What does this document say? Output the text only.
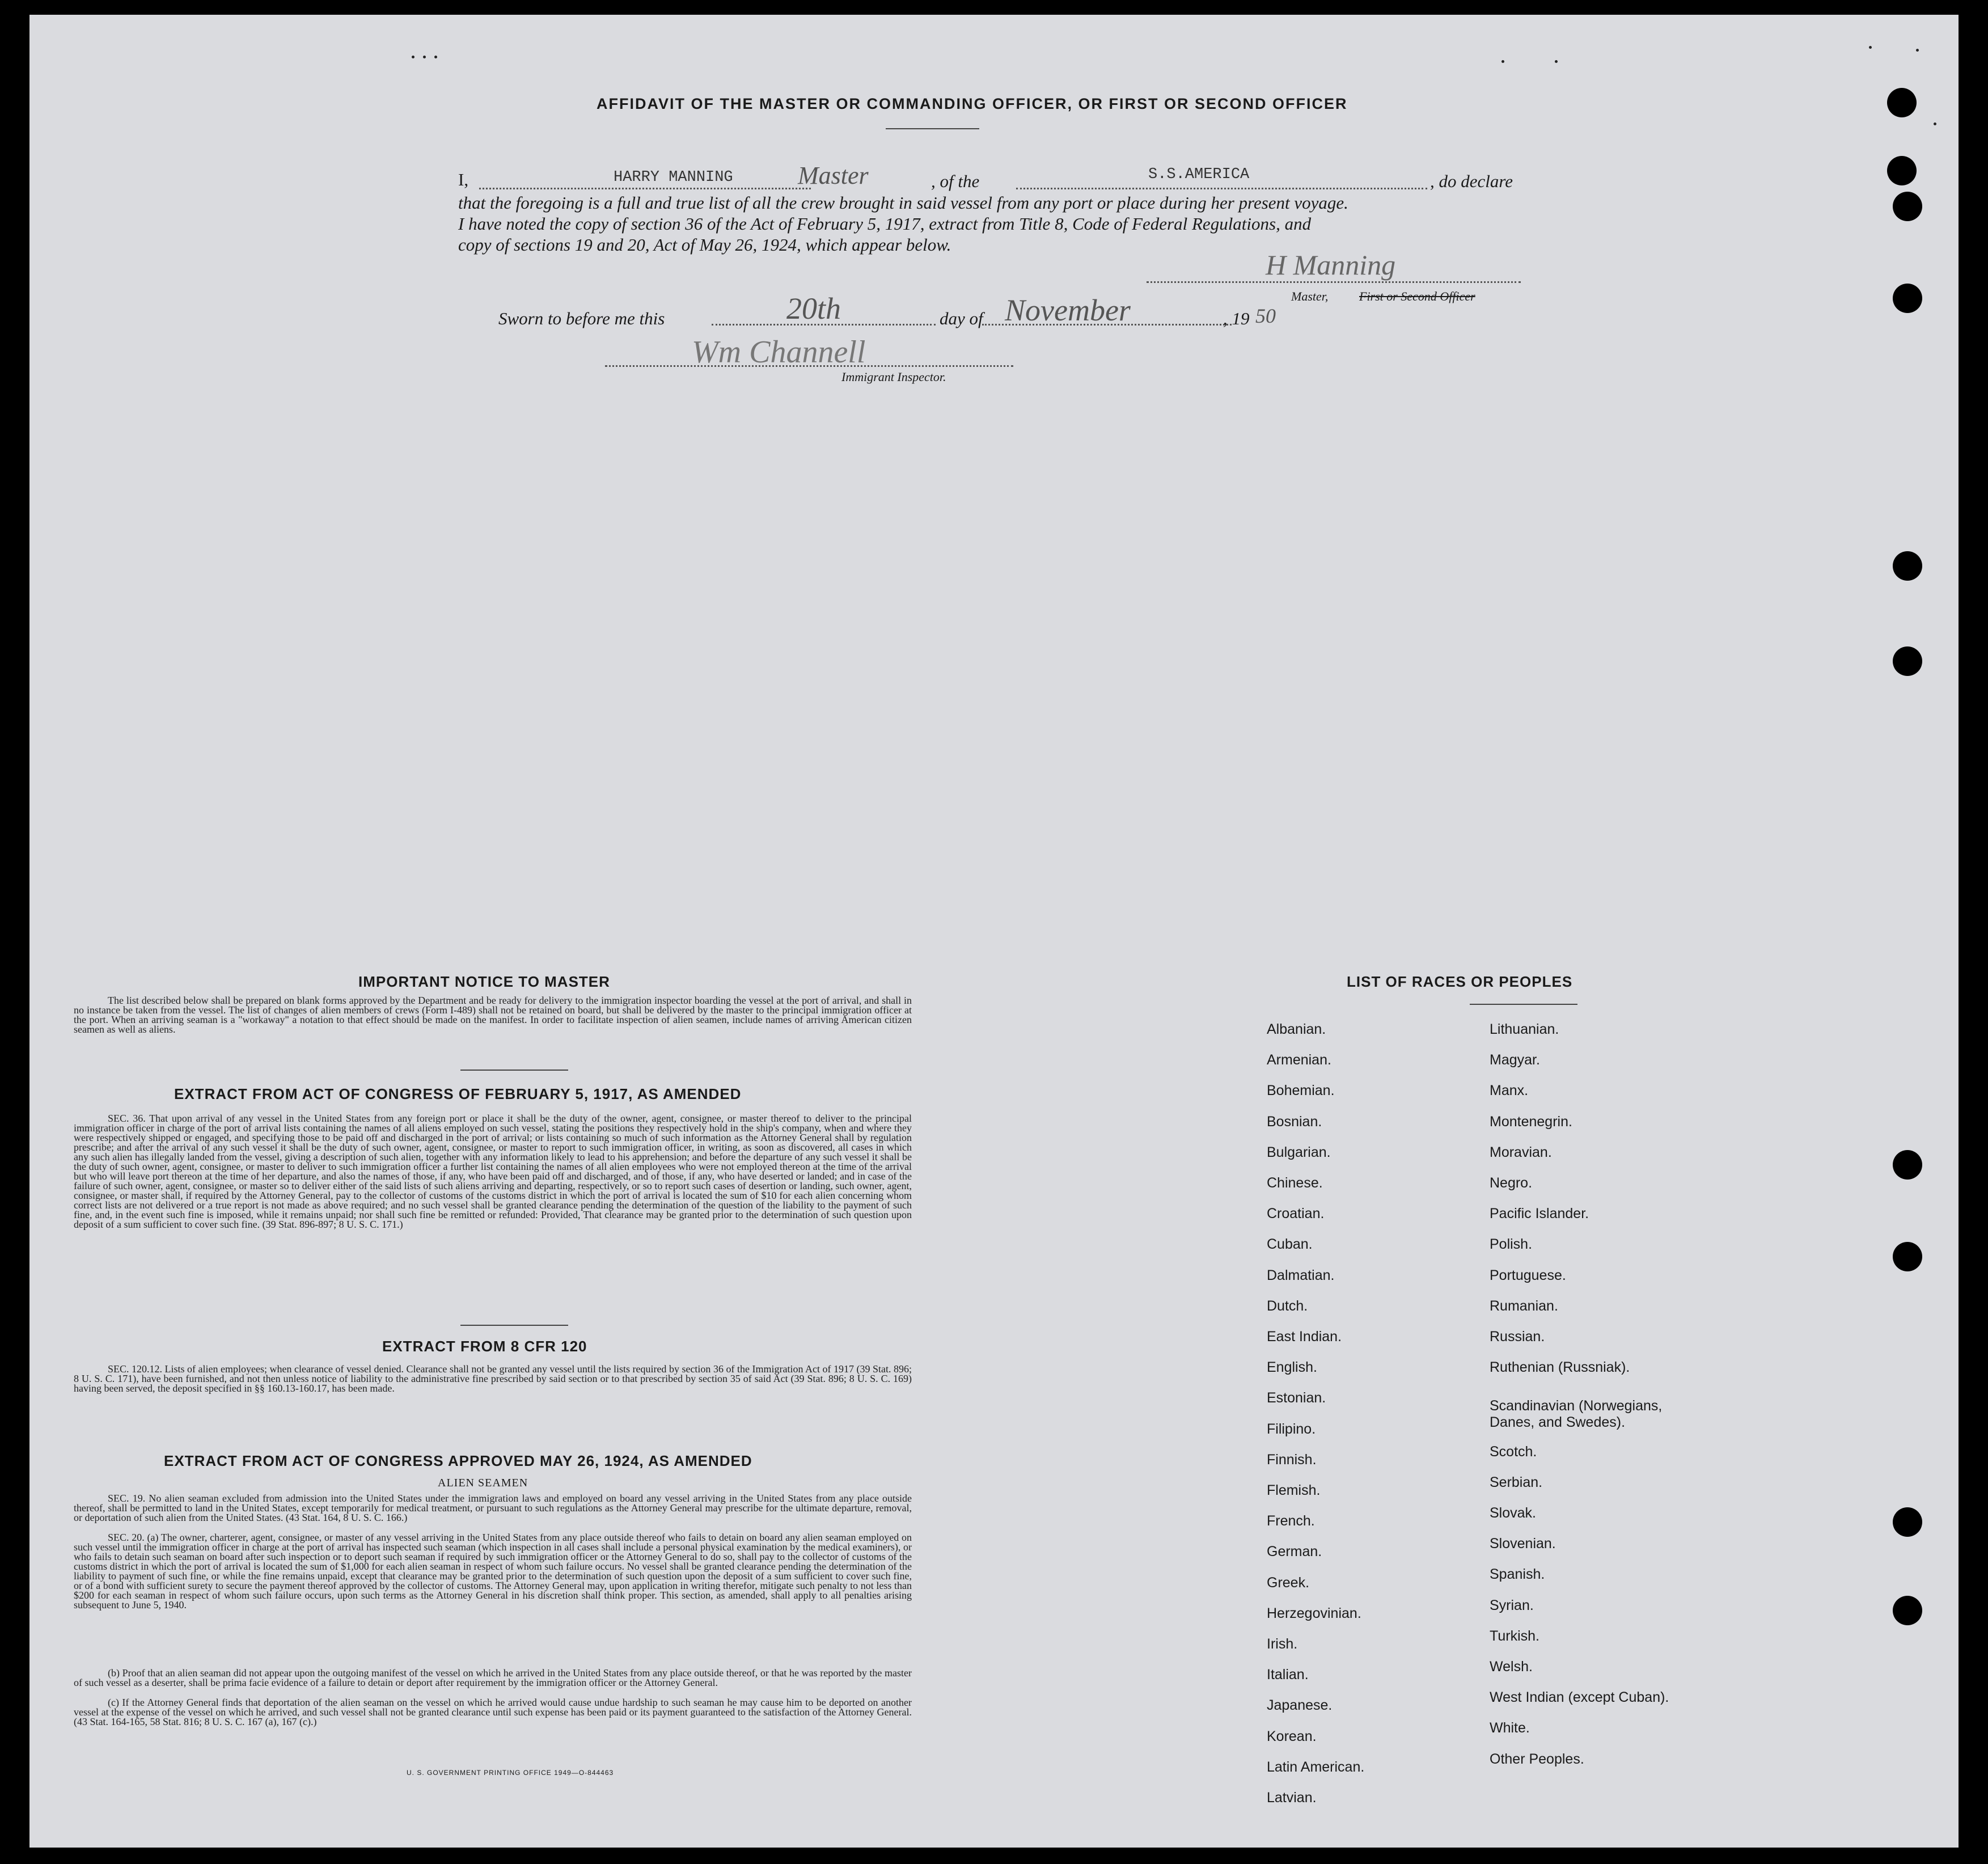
AFFIDAVIT OF THE MASTER OR COMMANDING OFFICER, OR FIRST OR SECOND OFFICER
I,	HARRY MANNING	Master	, of the	S.S.AMERICA	, do declare
that the foregoing is a full and true list of all the crew brought in said vessel from any port or place during her present voyage.
I have noted the copy of section 36 of the Act of February 5, 1917, extract from Title 8, Code of Federal Regulations, and
copy of sections 19 and 20, Act of May 26, 1924, which appear below.
H Manning
Master, First or Second Officer
Sworn to before me this	20th	day of November	, 19 50
Wm Channell
Immigrant Inspector.
IMPORTANT NOTICE TO MASTER
The list described below shall be prepared on blank forms approved by the Department and be ready for delivery to the immigration inspector boarding the vessel at the port of arrival, and shall in no instance be taken from the vessel. The list of changes of alien members of crews (Form I-489) shall not be retained on board, but shall be delivered by the master to the principal immigration officer at the port. When an arriving seaman is a "workaway" a notation to that effect should be made on the manifest. In order to facilitate inspection of alien seamen, include names of arriving American citizen seamen as well as aliens.
EXTRACT FROM ACT OF CONGRESS OF FEBRUARY 5, 1917, AS AMENDED
SEC. 36. That upon arrival of any vessel in the United States from any foreign port or place it shall be the duty of the owner, agent, consignee, or master thereof to deliver to the principal immigration officer in charge of the port of arrival lists containing the names of all aliens employed on such vessel, stating the positions they respectively hold in the ship's company, when and where they were respectively shipped or engaged, and specifying those to be paid off and discharged in the port of arrival; or lists containing so much of such information as the Attorney General shall by regulation prescribe; and after the arrival of any such vessel it shall be the duty of such owner, agent, consignee, or master to report to such immigration officer, in writing, as soon as discovered, all cases in which any such alien has illegally landed from the vessel, giving a description of such alien, together with any information likely to lead to his apprehension; and before the departure of any such vessel it shall be the duty of such owner, agent, consignee, or master to deliver to such immigration officer a further list containing the names of all alien employees who were not employed thereon at the time of the arrival but who will leave port thereon at the time of her departure, and also the names of those, if any, who have been paid off and discharged, and of those, if any, who have deserted or landed; and in case of the failure of such owner, agent, consignee, or master so to deliver either of the said lists of such aliens arriving and departing, respectively, or so to report such cases of desertion or landing, such owner, agent, consignee, or master shall, if required by the Attorney General, pay to the collector of customs of the customs district in which the port of arrival is located the sum of $10 for each alien concerning whom correct lists are not delivered or a true report is not made as above required; and no such vessel shall be granted clearance pending the determination of the question of the liability to the payment of such fine, and, in the event such fine is imposed, while it remains unpaid; nor shall such fine be remitted or refunded: Provided, That clearance may be granted prior to the determination of such question upon deposit of a sum sufficient to cover such fine. (39 Stat. 896-897; 8 U. S. C. 171.)
EXTRACT FROM 8 CFR 120
SEC. 120.12. Lists of alien employees; when clearance of vessel denied. Clearance shall not be granted any vessel until the lists required by section 36 of the Immigration Act of 1917 (39 Stat. 896; 8 U. S. C. 171), have been furnished, and not then unless notice of liability to the administrative fine prescribed by said section or to that prescribed by section 35 of said Act (39 Stat. 896; 8 U. S. C. 169) having been served, the deposit specified in §§ 160.13-160.17, has been made.
EXTRACT FROM ACT OF CONGRESS APPROVED MAY 26, 1924, AS AMENDED
ALIEN SEAMEN
SEC. 19. No alien seaman excluded from admission into the United States under the immigration laws and employed on board any vessel arriving in the United States from any place outside thereof, shall be permitted to land in the United States, except temporarily for medical treatment, or pursuant to such regulations as the Attorney General may prescribe for the ultimate departure, removal, or deportation of such alien from the United States. (43 Stat. 164, 8 U. S. C. 166.)
SEC. 20. (a) The owner, charterer, agent, consignee, or master of any vessel arriving in the United States from any place outside thereof who fails to detain on board any alien seaman employed on such vessel until the immigration officer in charge at the port of arrival has inspected such seaman (which inspection in all cases shall include a personal physical examination by the medical examiners), or who fails to detain such seaman on board after such inspection or to deport such seaman if required by such immigration officer or the Attorney General to do so, shall pay to the collector of customs of the customs district in which the port of arrival is located the sum of $1,000 for each alien seaman in respect of whom such failure occurs. No vessel shall be granted clearance pending the determination of the liability to payment of such fine, or while the fine remains unpaid, except that clearance may be granted prior to the determination of such question upon the deposit of a sum sufficient to cover such fine, or of a bond with sufficient surety to secure the payment thereof approved by the collector of customs. The Attorney General may, upon application in writing therefor, mitigate such penalty to not less than $200 for each seaman in respect of whom such failure occurs, upon such terms as the Attorney General in his discretion shall think proper. This section, as amended, shall apply to all penalties arising subsequent to June 5, 1940.
(b) Proof that an alien seaman did not appear upon the outgoing manifest of the vessel on which he arrived in the United States from any place outside thereof, or that he was reported by the master of such vessel as a deserter, shall be prima facie evidence of a failure to detain or deport after requirement by the immigration officer or the Attorney General.
(c) If the Attorney General finds that deportation of the alien seaman on the vessel on which he arrived would cause undue hardship to such seaman he may cause him to be deported on another vessel at the expense of the vessel on which he arrived, and such vessel shall not be granted clearance until such expense has been paid or its payment guaranteed to the satisfaction of the Attorney General. (43 Stat. 164-165, 58 Stat. 816; 8 U. S. C. 167 (a), 167 (c).)
U. S. GOVERNMENT PRINTING OFFICE 1949—O-844463
LIST OF RACES OR PEOPLES
Albanian.
Armenian.
Bohemian.
Bosnian.
Bulgarian.
Chinese.
Croatian.
Cuban.
Dalmatian.
Dutch.
East Indian.
English.
Estonian.
Filipino.
Finnish.
Flemish.
French.
German.
Greek.
Herzegovinian.
Irish.
Italian.
Japanese.
Korean.
Latin American.
Latvian.
Lithuanian.
Magyar.
Manx.
Montenegrin.
Moravian.
Negro.
Pacific Islander.
Polish.
Portuguese.
Rumanian.
Russian.
Ruthenian (Russniak).
Scandinavian (Norwegians,
Danes, and Swedes).
Scotch.
Serbian.
Slovak.
Slovenian.
Spanish.
Syrian.
Turkish.
Welsh.
West Indian (except Cuban).
White.
Other Peoples.
